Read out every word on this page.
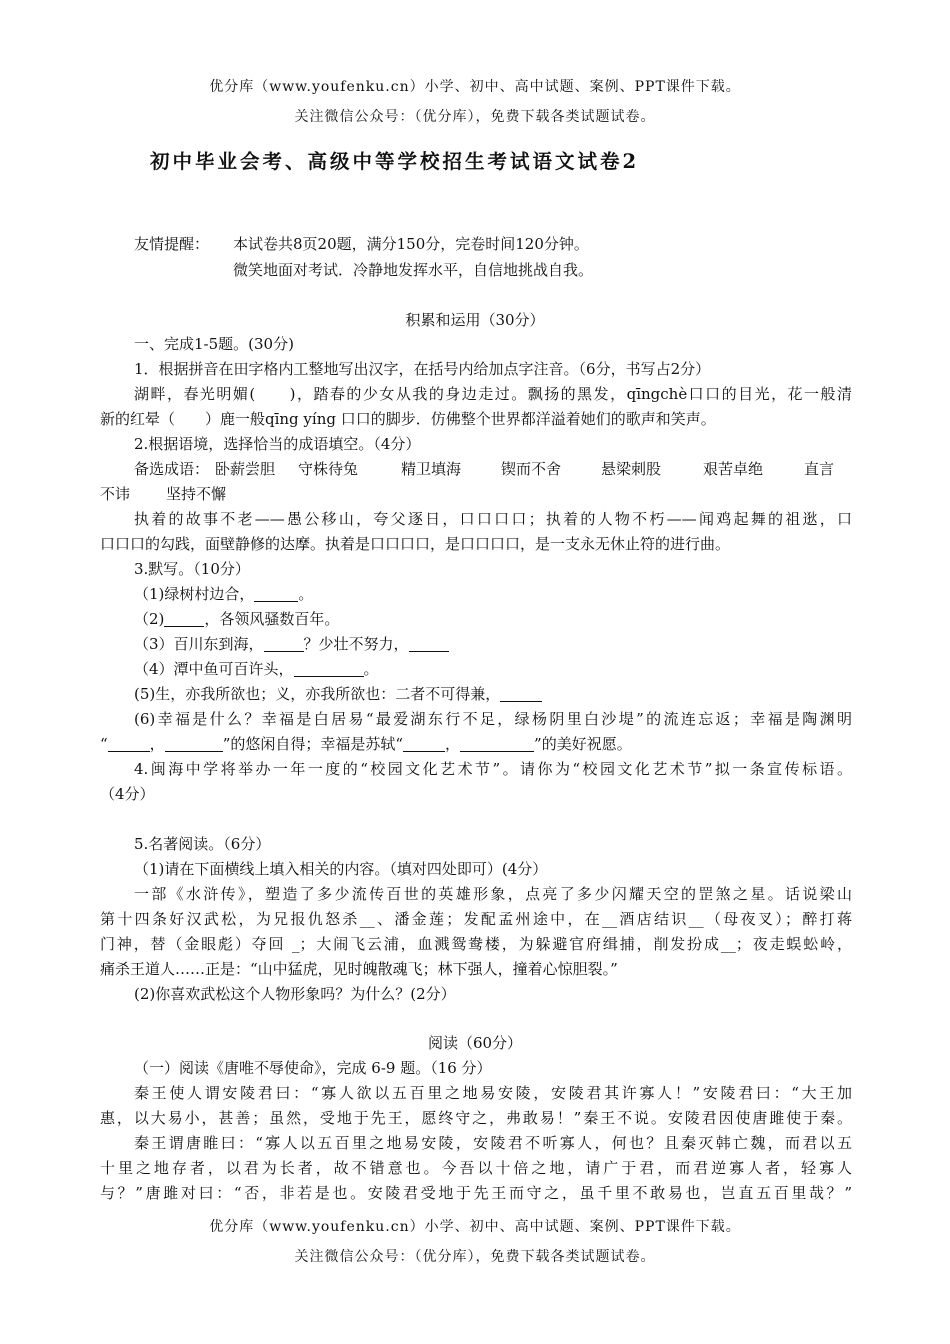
优分库（www.youfenku.cn）小学、初中、高中试题、案例、PPT课件下载。
关注微信公众号：（优分库），免费下载各类试题试卷。
初中毕业会考、高级中等学校招生考试语文试卷2
友情提醒： 本试卷共8页20题，满分150分，完卷时间120分钟。
微笑地面对考试．冷静地发挥水平，自信地挑战自我。
积累和运用（30分）
一、完成1-5题。(30分)
1．根据拼音在田字格内工整地写出汉字，在括号内给加点字注音。（6分，书写占2分）
湖畔，春光明媚(　　)，踏春的少女从我的身边走过。飘扬的黑发，qīngchè口口的目光，花一般清
新的红晕（　　）鹿一般qīng yíng 口口的脚步．仿佛整个世界都洋溢着她们的歌声和笑声。
2.根据语境，选择恰当的成语填空。（4分）
备选成语： 卧薪尝胆 守株待兔	精卫填海	锲而不舍	悬梁刺股	艰苦卓绝	直言
不讳 坚持不懈
执着的故事不老——愚公移山，夸父逐日，口口口口；执着的人物不朽——闻鸡起舞的祖逖，口
口口口的勾践，面壁静修的达摩。执着是口口口口，是口口口口，是一支永无休止符的进行曲。
3.默写。（10分）
（1)绿树村边合，	。
（2)	，各领风骚数百年。
（3）百川东到海，	？少壮不努力，
（4）潭中鱼可百许头，	。
(5)生，亦我所欲也；义，亦我所欲也：二者不可得兼，
(6)幸福是什么？幸福是白居易“最爱湖东行不足，绿杨阴里白沙堤”的流连忘返；幸福是陶渊明
“	，	”的悠闲自得；幸福是苏轼“	，	”的美好祝愿。
4.闽海中学将举办一年一度的“校园文化艺术节”。请你为“校园文化艺术节”拟一条宣传标语。
（4分）
5.名著阅读。（6分）
（1)请在下面横线上填入相关的内容。（填对四处即可）(4分）
一部《水浒传》，塑造了多少流传百世的英雄形象，点亮了多少闪耀天空的罡煞之星。话说梁山
第十四条好汉武松，为兄报仇怒杀__、潘金莲；发配孟州途中，在__酒店结识__（母夜叉）；醉打蒋
门神，替（金眼彪）夺回 _；大闹飞云浦，血溅鸳鸯楼，为躲避官府缉捕，削发扮成__；夜走蜈蚣岭，
痛杀王道人……正是：“山中猛虎，见时魄散魂飞；林下强人，撞着心惊胆裂。”
(2)你喜欢武松这个人物形象吗？为什么？(2分）
阅读（60分）
（一）阅读《唐唯不辱使命》，完成 6-9 题。（16 分）
秦王使人谓安陵君曰：“寡人欲以五百里之地易安陵，安陵君其许寡人！”安陵君曰：“大王加
惠，以大易小，甚善；虽然，受地于先王，愿终守之，弗敢易！”秦王不说。安陵君因使唐雎使于秦。
秦王谓唐睢曰：“寡人以五百里之地易安陵，安陵君不听寡人，何也？且秦灭韩亡魏，而君以五
十里之地存者，以君为长者，故不错意也。今吾以十倍之地，请广于君，而君逆寡人者，轻寡人
与？”唐雎对曰：“否，非若是也。安陵君受地于先王而守之，虽千里不敢易也，岂直五百里哉？”
优分库（www.youfenku.cn）小学、初中、高中试题、案例、PPT课件下载。
关注微信公众号：（优分库），免费下载各类试题试卷。
